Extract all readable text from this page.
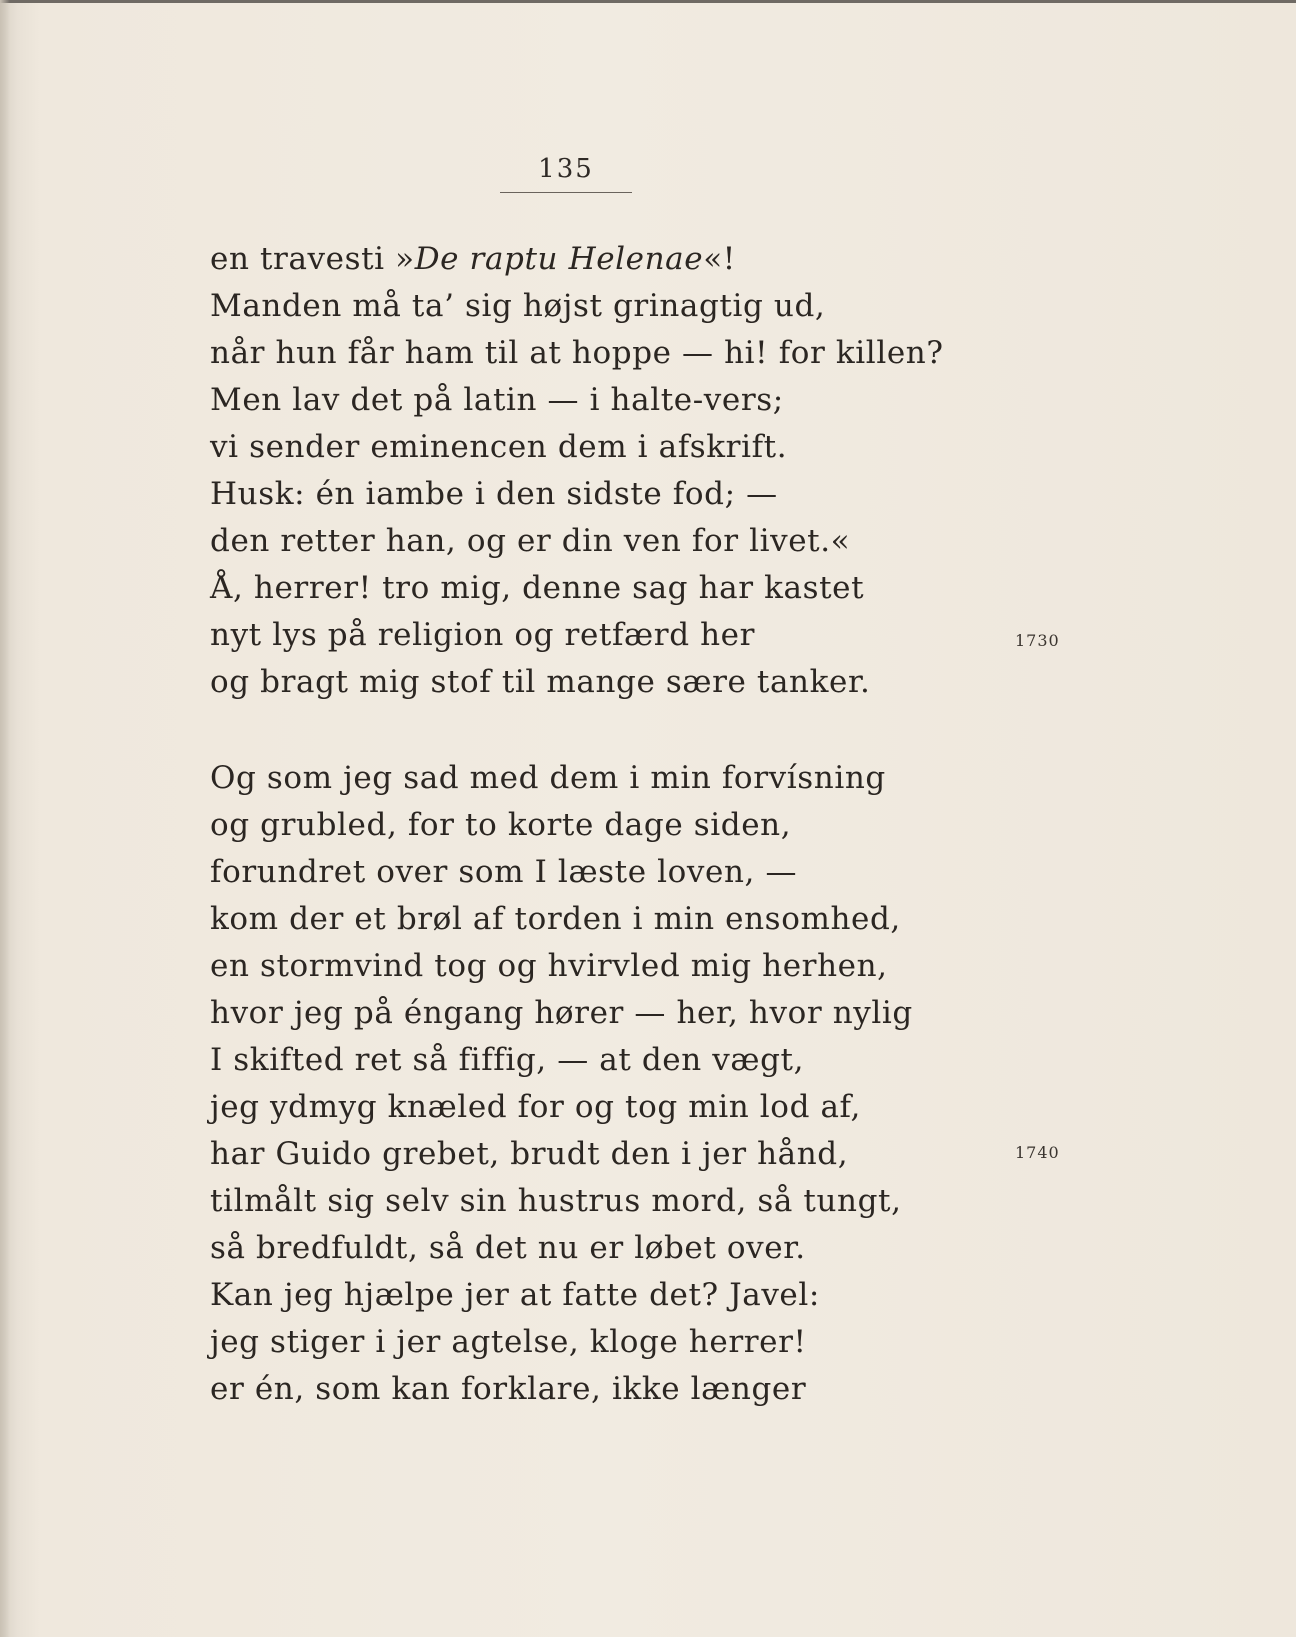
135
en travesti »De raptu Helenae«!
Manden må ta’ sig højst grinagtig ud,
når hun får ham til at hoppe — hi! for killen?
Men lav det på latin — i halte-vers;
vi sender eminencen dem i afskrift.
Husk: én iambe i den sidste fod; —
den retter han, og er din ven for livet.«
Å, herrer! tro mig, denne sag har kastet
nyt lys på religion og retfærd her
og bragt mig stof til mange sære tanker.
1730
Og som jeg sad med dem i min forvísning
og grubled, for to korte dage siden,
forundret over som I læste loven, —
kom der et brøl af torden i min ensomhed,
en stormvind tog og hvirvled mig herhen,
hvor jeg på éngang hører — her, hvor nylig
I skifted ret så fiffig, — at den vægt,
jeg ydmyg knæled for og tog min lod af,
har Guido grebet, brudt den i jer hånd,
tilmålt sig selv sin hustrus mord, så tungt,
så bredfuldt, så det nu er løbet over.
Kan jeg hjælpe jer at fatte det? Javel:
jeg stiger i jer agtelse, kloge herrer!
er én, som kan forklare, ikke længer
1740
